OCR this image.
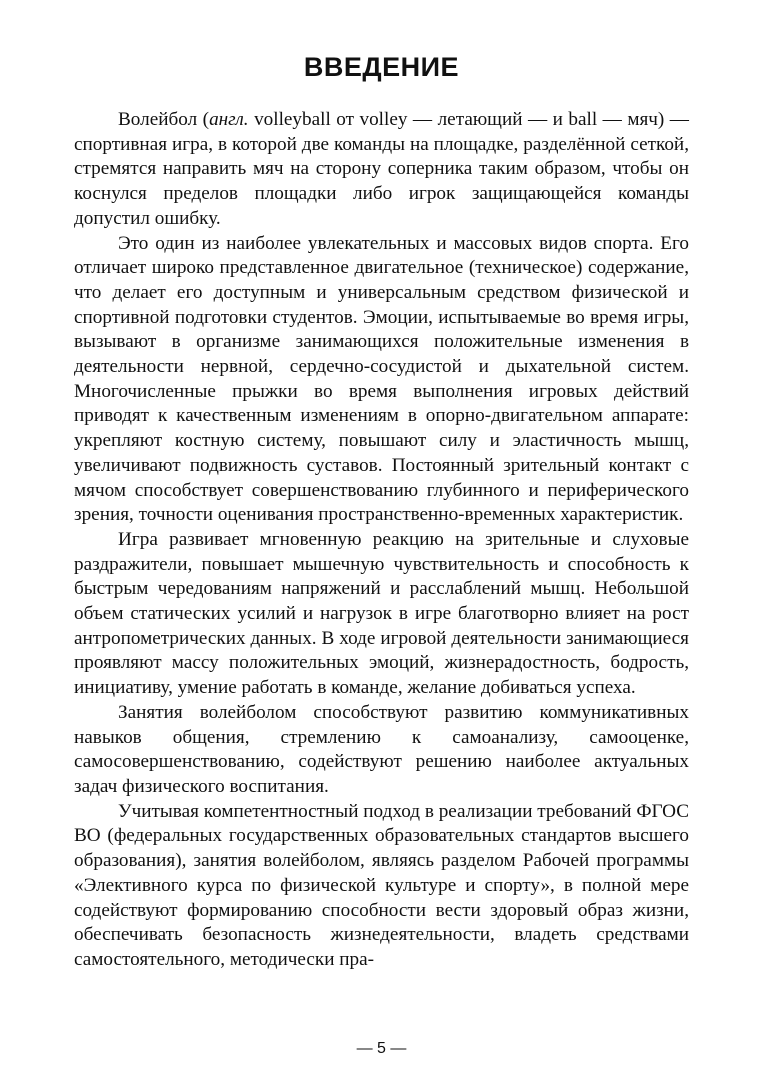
ВВЕДЕНИЕ

Волейбол (англ. volleyball от volley — летающий — и ball — мяч) — спортивная игра, в которой две команды на площадке, разделённой сеткой, стремятся направить мяч на сторону соперника таким образом, чтобы он коснулся пределов площадки либо игрок защищающейся команды допустил ошибку.

Это один из наиболее увлекательных и массовых видов спорта. Его отличает широко представленное двигательное (техническое) содержание, что делает его доступным и универсальным средством физической и спортивной подготовки студентов. Эмоции, испытываемые во время игры, вызывают в организме занимающихся положительные изменения в деятельности нервной, сердечно-сосудистой и дыхательной систем. Многочисленные прыжки во время выполнения игровых действий приводят к качественным изменениям в опорно-двигательном аппарате: укрепляют костную систему, повышают силу и эластичность мышц, увеличивают подвижность суставов. Постоянный зрительный контакт с мячом способствует совершенствованию глубинного и периферического зрения, точности оценивания пространственно-временных характеристик.

Игра развивает мгновенную реакцию на зрительные и слуховые раздражители, повышает мышечную чувствительность и способность к быстрым чередованиям напряжений и расслаблений мышц. Небольшой объем статических усилий и нагрузок в игре благотворно влияет на рост антропометрических данных. В ходе игровой деятельности занимающиеся проявляют массу положительных эмоций, жизнерадостность, бодрость, инициативу, умение работать в команде, желание добиваться успеха.

Занятия волейболом способствуют развитию коммуникативных навыков общения, стремлению к самоанализу, самооценке, самосовершенствованию, содействуют решению наиболее актуальных задач физического воспитания.

Учитывая компетентностный подход в реализации требований ФГОС ВО (федеральных государственных образовательных стандартов высшего образования), занятия волейболом, являясь разделом Рабочей программы «Элективного курса по физической культуре и спорту», в полной мере содействуют формированию способности вести здоровый образ жизни, обеспечивать безопасность жизнедеятельности, владеть средствами самостоятельного, методически пра-

— 5 —
